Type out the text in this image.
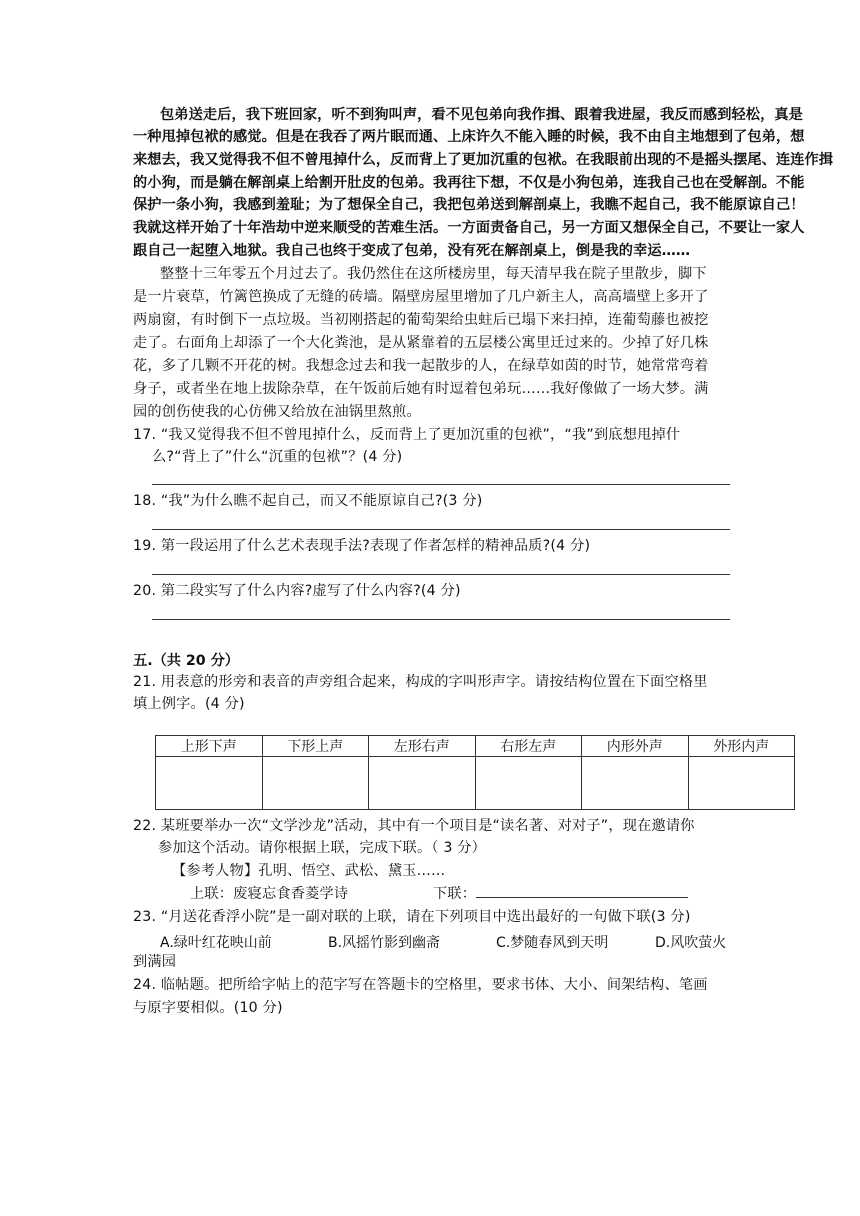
包弟送走后，我下班回家，听不到狗叫声，看不见包弟向我作揖、跟着我进屋，我反而感到轻松，真是
一种甩掉包袱的感觉。但是在我吞了两片眠而通、上床许久不能入睡的时候，我不由自主地想到了包弟，想
来想去，我又觉得我不但不曾甩掉什么，反而背上了更加沉重的包袱。在我眼前出现的不是摇头摆尾、连连作揖
的小狗，而是躺在解剖桌上给割开肚皮的包弟。我再往下想，不仅是小狗包弟，连我自己也在受解剖。不能
保护一条小狗，我感到羞耻；为了想保全自己，我把包弟送到解剖桌上，我瞧不起自己，我不能原谅自己！
我就这样开始了十年浩劫中逆来顺受的苦难生活。一方面责备自己，另一方面又想保全自己，不要让一家人
跟自己一起堕入地狱。我自己也终于变成了包弟，没有死在解剖桌上，倒是我的幸运……
整整十三年零五个月过去了。我仍然住在这所楼房里，每天清早我在院子里散步，脚下
是一片衰草，竹篱笆换成了无缝的砖墙。隔壁房屋里增加了几户新主人，高高墙壁上多开了
两扇窗，有时倒下一点垃圾。当初刚搭起的葡萄架给虫蛀后已塌下来扫掉，连葡萄藤也被挖
走了。右面角上却添了一个大化粪池，是从紧靠着的五层楼公寓里迁过来的。少掉了好几株
花，多了几颗不开花的树。我想念过去和我一起散步的人，在绿草如茵的时节，她常常弯着
身子，或者坐在地上拔除杂草，在午饭前后她有时逗着包弟玩……我好像做了一场大梦。满
园的创伤使我的心仿佛又给放在油锅里熬煎。
17. “我又觉得我不但不曾甩掉什么，反而背上了更加沉重的包袱”，“我”到底想甩掉什
么?“背上了”什么“沉重的包袱”？(4 分)
18. “我”为什么瞧不起自己，而又不能原谅自己?(3 分)
19. 第一段运用了什么艺术表现手法?表现了作者怎样的精神品质?(4 分)
20. 第二段实写了什么内容?虚写了什么内容?(4 分)
五.（共 20 分）
21. 用表意的形旁和表音的声旁组合起来，构成的字叫形声字。请按结构位置在下面空格里
填上例字。(4 分)
上形下声	下形上声	左形右声	右形左声	内形外声	外形内声

22. 某班要举办一次“文学沙龙”活动，其中有一个项目是“读名著、对对子”，现在邀请你
参加这个活动。请你根据上联，完成下联。（ 3 分）
【参考人物】孔明、悟空、武松、黛玉……
上联：废寝忘食香菱学诗	下联：
23. “月送花香浮小院”是一副对联的上联，请在下列项目中选出最好的一句做下联(3 分)
A.绿叶红花映山前	B.风摇竹影到幽斋	C.梦随春风到天明	D.风吹萤火
到满园
24. 临帖题。把所给字帖上的范字写在答题卡的空格里，要求书体、大小、间架结构、笔画
与原字要相似。(10 分)
